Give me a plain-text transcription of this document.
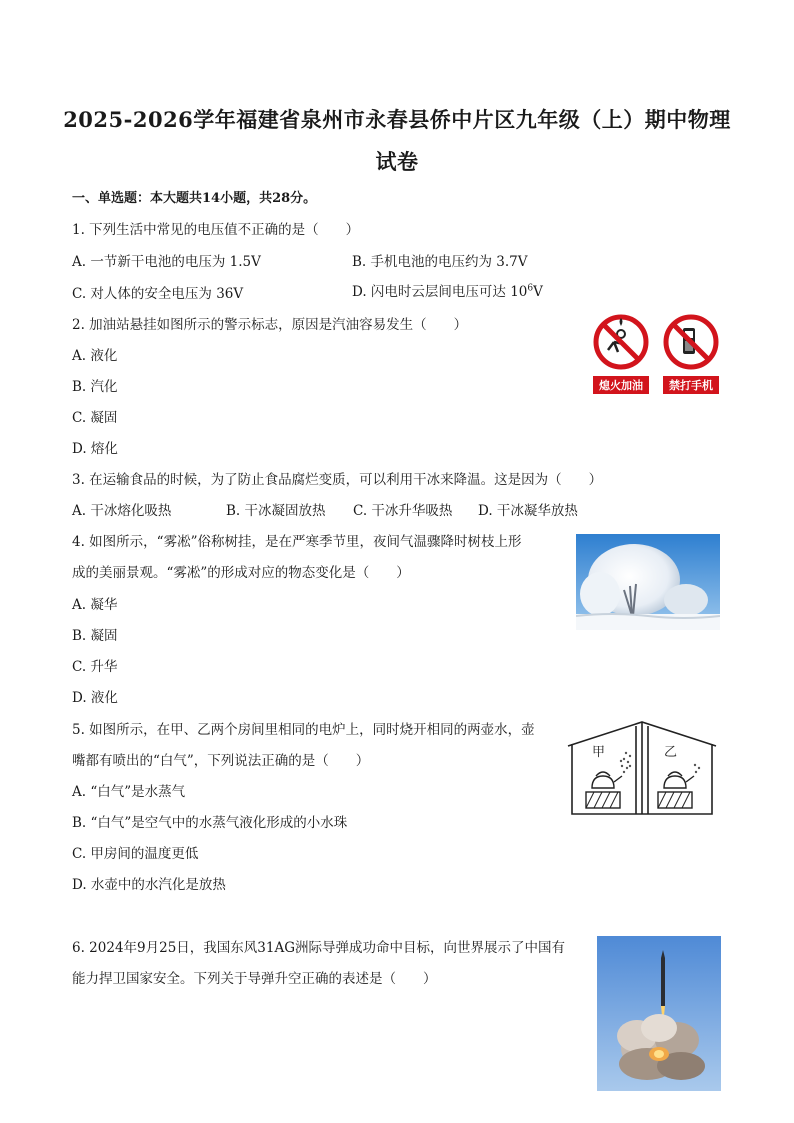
2025-2026学年福建省泉州市永春县侨中片区九年级（上）期中物理
试卷
一、单选题：本大题共14小题，共28分。
1. 下列生活中常见的电压值不正确的是（　　）
A. 一节新干电池的电压为 1.5V	B. 手机电池的电压约为 3.7V
C. 对人体的安全电压为 36V	D. 闪电时云层间电压可达 $10^6V$
2. 加油站悬挂如图所示的警示标志，原因是汽油容易发生（　　）
A. 液化
B. 汽化
C. 凝固
D. 熔化
熄火加油 禁打手机
3. 在运输食品的时候，为了防止食品腐烂变质，可以利用干冰来降温。这是因为（　　）
A. 干冰熔化吸热	B. 干冰凝固放热 C. 干冰升华吸热 D. 干冰凝华放热
4. 如图所示，“雾凇”俗称树挂，是在严寒季节里，夜间气温骤降时树枝上形
成的美丽景观。“雾凇”的形成对应的物态变化是（　　）
A. 凝华
B. 凝固
C. 升华
D. 液化
5. 如图所示，在甲、乙两个房间里相同的电炉上，同时烧开相同的两壶水，壶
嘴都有喷出的“白气”，下列说法正确的是（　　）
A. “白气”是水蒸气
B. “白气”是空气中的水蒸气液化形成的小水珠
C. 甲房间的温度更低
D. 水壶中的水汽化是放热
甲	乙
6. 2024年9月25日，我国东风31AG洲际导弹成功命中目标，向世界展示了中国有
能力捍卫国家安全。下列关于导弹升空正确的表述是（　　）
